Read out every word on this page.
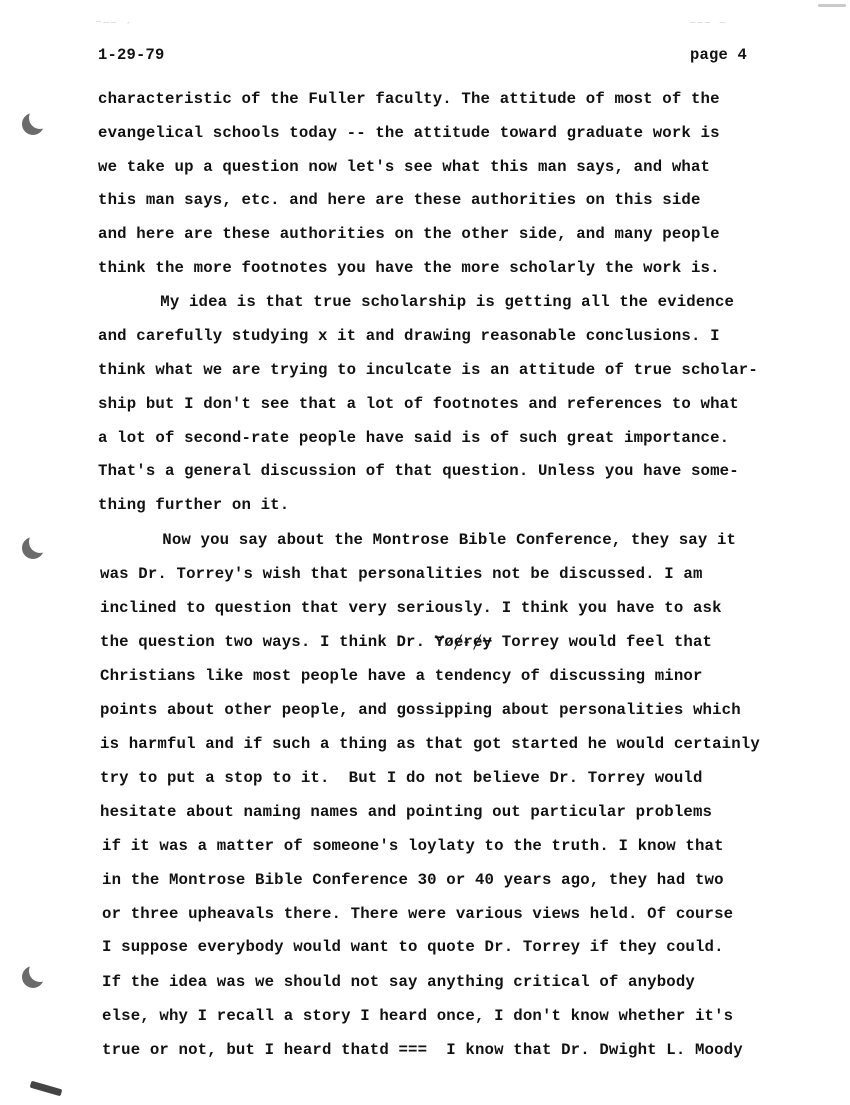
¯‾‾ ´	‾‾‾ ‾
1-29-79	page 4
characteristic of the Fuller faculty. The attitude of most of the
evangelical schools today -- the attitude toward graduate work is
we take up a question now let's see what this man says, and what
this man says, etc. and here are these authorities on this side
and here are these authorities on the other side, and many people
think the more footnotes you have the more scholarly the work is.
My idea is that true scholarship is getting all the evidence
and carefully studying x it and drawing reasonable conclusions. I
think what we are trying to inculcate is an attitude of true scholar-
ship but I don't see that a lot of footnotes and references to what
a lot of second-rate people have said is of such great importance.
That's a general discussion of that question. Unless you have some-
thing further on it.
Now you say about the Montrose Bible Conference, they say it
was Dr. Torrey's wish that personalities not be discussed. I am
inclined to question that very seriously. I think you have to ask
the question two ways. I think Dr. Ɏøɇɍɇɏ Torrey would feel that
Christians like most people have a tendency of discussing minor
points about other people, and gossipping about personalities which
is harmful and if such a thing as that got started he would certainly
try to put a stop to it.  But I do not believe Dr. Torrey would
hesitate about naming names and pointing out particular problems
if it was a matter of someone's loylaty to the truth. I know that
in the Montrose Bible Conference 30 or 40 years ago, they had two
or three upheavals there. There were various views held. Of course
I suppose everybody would want to quote Dr. Torrey if they could.
If the idea was we should not say anything critical of anybody
else, why I recall a story I heard once, I don't know whether it's
true or not, but I heard thatd ===  I know that Dr. Dwight L. Moody
